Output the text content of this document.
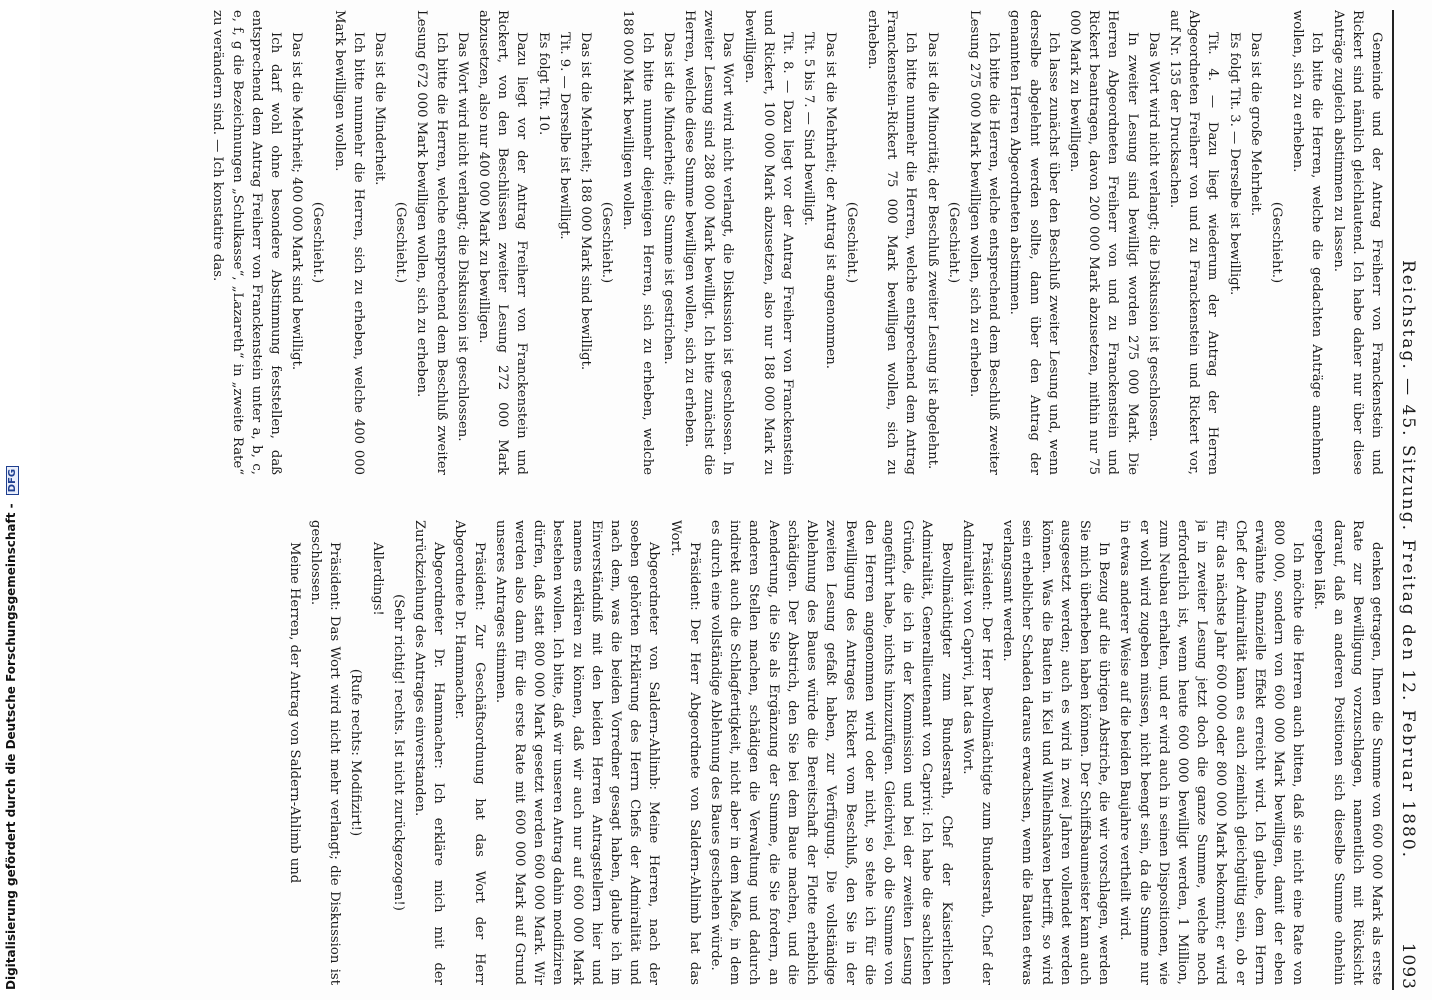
Digitalisierung gefördert durch die Deutsche Forschungsgemeinschaft - DFG	Reichstag. — 45. Sitzung. Freitag den 12. Februar 1880.
1093

Gemeinde und der Antrag Freiherr von Franckenstein und Rickert sind nämlich gleichlautend. Ich habe daher nur über diese Anträge zugleich abstimmen zu lassen.

Ich bitte die Herren, welche die gedachten Anträge annehmen wollen, sich zu erheben.

(Geschieht.)

Das ist die große Mehrheit.

Es folgt Tit. 3. — Derselbe ist bewilligt.

Tit. 4. — Dazu liegt wiederum der Antrag der Herren Abgeordneten Freiherr von und zu Franckenstein und Rickert vor, auf Nr. 135 der Drucksachen.

Das Wort wird nicht verlangt; die Diskussion ist geschlossen.

In zweiter Lesung sind bewilligt worden 275 000 Mark. Die Herren Abgeordneten Freiherr von und zu Franckenstein und Rickert beantragen, davon 200 000 Mark abzusetzen, mithin nur 75 000 Mark zu bewilligen.

Ich lasse zunächst über den Beschluß zweiter Lesung und, wenn derselbe abgelehnt werden sollte, dann über den Antrag der genannten Herren Abgeordneten abstimmen.

Ich bitte die Herren, welche entsprechend dem Beschluß zweiter Lesung 275 000 Mark bewilligen wollen, sich zu erheben.

(Geschieht.)

Das ist die Minorität; der Beschluß zweiter Lesung ist abgelehnt.

Ich bitte nunmehr die Herren, welche entsprechend dem Antrag Franckenstein-Rickert 75 000 Mark bewilligen wollen, sich zu erheben.

(Geschieht.)

Das ist die Mehrheit; der Antrag ist angenommen.

Tit. 5 bis 7. — Sind bewilligt.

Tit. 8. — Dazu liegt vor der Antrag Freiherr von Franckenstein und Rickert, 100 000 Mark abzusetzen, also nur 188 000 Mark zu bewilligen.

Das Wort wird nicht verlangt, die Diskussion ist geschlossen. In zweiter Lesung sind 288 000 Mark bewilligt. Ich bitte zunächst die Herren, welche diese Summe bewilligen wollen, sich zu erheben.

Das ist die Minderheit; die Summe ist gestrichen.

Ich bitte nunmehr diejenigen Herren, sich zu erheben, welche 188 000 Mark bewilligen wollen.

(Geschieht.)

Das ist die Mehrheit; 188 000 Mark sind bewilligt.

Tit. 9. — Derselbe ist bewilligt.

Es folgt Tit. 10.

Dazu liegt vor der Antrag Freiherr von Franckenstein und Rickert, von den Beschlüssen zweiter Lesung 272 000 Mark abzusetzen, also nur 400 000 Mark zu bewilligen.

Das Wort wird nicht verlangt; die Diskussion ist geschlossen.

Ich bitte die Herren, welche entsprechend dem Beschluß zweiter Lesung 672 000 Mark bewilligen wollen, sich zu erheben.

(Geschieht.)

Das ist die Minderheit.

Ich bitte nunmehr die Herren, sich zu erheben, welche 400 000 Mark bewilligen wollen.

(Geschieht.)

Das ist die Mehrheit; 400 000 Mark sind bewilligt.

Ich darf wohl ohne besondere Abstimmung feststellen, daß entsprechend dem Antrag Freiherr von Franckenstein unter a, b, c, e, f, g die Bezeichnungen „Schulkasse“, „Lazareth“ in „zweite Rate“ zu verändern sind. — Ich konstatire das.

denken getragen, Ihnen die Summe von 600 000 Mark als erste Rate zur Bewilligung vorzuschlagen, namentlich mit Rücksicht darauf, daß an anderen Positionen sich dieselbe Summe ohnehin ergeben läßt.

Ich möchte die Herren auch bitten, daß sie nicht eine Rate von 800 000, sondern von 600 000 Mark bewilligen, damit der eben erwähnte finanzielle Effekt erreicht wird. Ich glaube, dem Herrn Chef der Admiralität kann es auch ziemlich gleichgültig sein, ob er für das nächste Jahr 600 000 oder 800 000 Mark bekommt; er wird ja in zweiter Lesung jetzt doch die ganze Summe, welche noch erforderlich ist, wenn heute 600 000 bewilligt werden, 1 Million, zum Neubau erhalten, und er wird auch in seinen Dispositionen, wie er wohl wird zugeben müssen, nicht beengt sein, da die Summe nur in etwas anderer Weise auf die beiden Baujahre vertheilt wird.

In Bezug auf die übrigen Abstriche, die wir vorschlagen, werden Sie mich überheben haben können. Der Schiffsbaumeister kann auch ausgesetzt werden; auch es wird in zwei Jahren vollendet werden können. Was die Bauten in Kiel und Wilhelmshaven betrifft, so wird sein erheblicher Schaden daraus erwachsen, wenn die Bauten etwas verlangsamt werden.

Präsident: Der Herr Bevollmächtigte zum Bundesrath, Chef der Admiralität von Caprivi, hat das Wort.

Bevollmächtigter zum Bundesrath, Chef der Kaiserlichen Admiralität, Generallieutenant von Caprivi: Ich habe die sachlichen Gründe, die ich in der Kommission und bei der zweiten Lesung angeführt habe, nichts hinzuzufügen. Gleichviel, ob die Summe von den Herren angenommen wird oder nicht, so stehe ich für die Bewilligung des Antrages Rickert vom Beschluß, den Sie in der zweiten Lesung gefaßt haben, zur Verfügung. Die vollständige Ablehnung des Baues würde die Bereitschaft der Flotte erheblich schädigen. Der Abstrich, den Sie bei dem Baue machen, und die Aenderung, die Sie als Ergänzung der Summe, die Sie fordern, an anderen Stellen machen, schädigen die Verwaltung und dadurch indirekt auch die Schlagfertigkeit, nicht aber in dem Maße, in dem es durch eine vollständige Ablehnung des Baues geschehen würde.

Präsident: Der Herr Abgeordnete von Saldern-Ahlimb hat das Wort.

Abgeordneter von Saldern-Ahlimb: Meine Herren, nach der soeben gehörten Erklärung des Herrn Chefs der Admiralität und nach dem, was die beiden Vorredner gesagt haben, glaube ich im Einverständniß mit den beiden Herren Antragstellern hier und namens erklären zu können, daß wir auch nur auf 600 000 Mark bestehen wollen. Ich bitte, daß wir unseren Antrag dahin modifiziren dürfen, daß statt 800 000 Mark gesetzt werden 600 000 Mark. Wir werden also dann für die erste Rate mit 600 000 Mark auf Grund unseres Antrages stimmen.

Präsident: Zur Geschäftsordnung hat das Wort der Herr Abgeordnete Dr. Hammacher.

Abgeordneter Dr. Hammacher: Ich erkläre mich mit der Zurückziehung des Antrages einverstanden.

(Sehr richtig! rechts. Ist nicht zurückgezogen!)

Allerdings!

(Rufe rechts: Modifizirt!)

Präsident: Das Wort wird nicht mehr verlangt; die Diskussion ist geschlossen.

Meine Herren, der Antrag von Saldern-Ahlimb und
